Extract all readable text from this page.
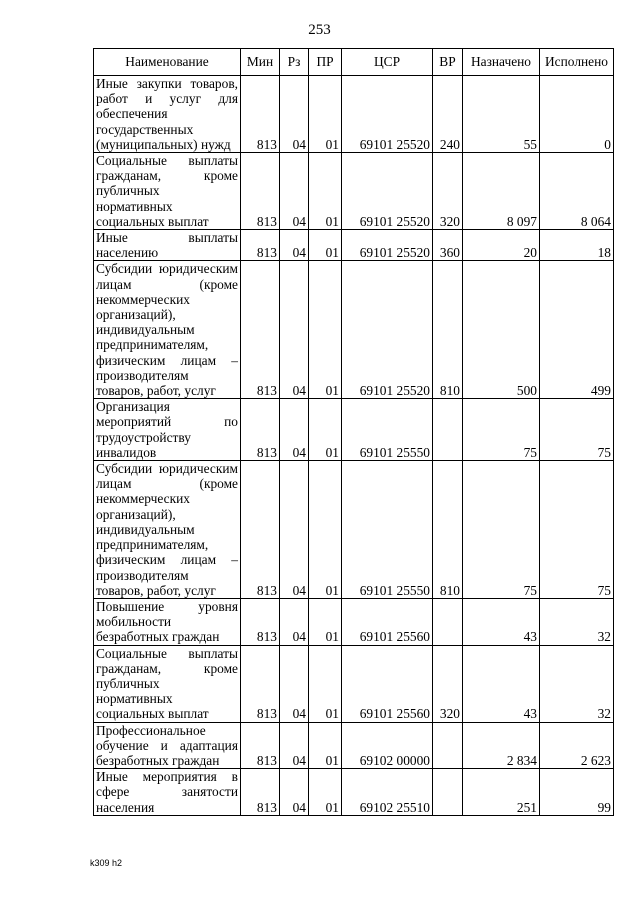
253
Наименование	Мин	Рз	ПР	ЦСР	ВР	Назначено	Исполнено
Иные закупки товаров, работ и услуг для обеспечения государственных (муниципальных) нужд	813	04	01	69101 25520	240	55	0
Социальные выплаты гражданам, кроме публичных нормативных социальных выплат	813	04	01	69101 25520	320	8 097	8 064
Иные выплаты населению	813	04	01	69101 25520	360	20	18
Субсидии юридическим лицам (кроме некоммерческих организаций), индивидуальным предпринимателям, физическим лицам – производителям товаров, работ, услуг	813	04	01	69101 25520	810	500	499
Организация мероприятий по трудоустройству инвалидов	813	04	01	69101 25550		75	75
Субсидии юридическим лицам (кроме некоммерческих организаций), индивидуальным предпринимателям, физическим лицам – производителям товаров, работ, услуг	813	04	01	69101 25550	810	75	75
Повышение уровня мобильности безработных граждан	813	04	01	69101 25560		43	32
Социальные выплаты гражданам, кроме публичных нормативных социальных выплат	813	04	01	69101 25560	320	43	32
Профессиональное обучение и адаптация безработных граждан	813	04	01	69102 00000		2 834	2 623
Иные мероприятия в сфере занятости населения	813	04	01	69102 25510		251	99
k309 h2
